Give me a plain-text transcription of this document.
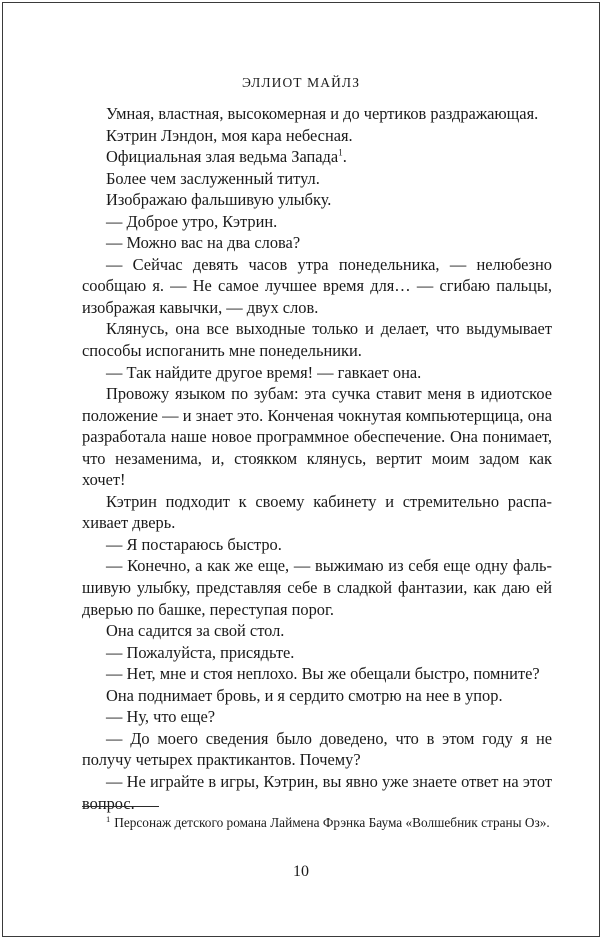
ЭЛЛИОТ МАЙЛЗ

Умная, властная, высокомерная и до чертиков раздражающая.

Кэтрин Лэндон, моя кара небесная.

Официальная злая ведьма Запада$^1$.

Более чем заслуженный титул.

Изображаю фальшивую улыбку.

— Доброе утро, Кэтрин.

— Можно вас на два слова?

— Сейчас девять часов утра понедельника, — нелюбезно сообщаю я. — Не самое лучшее время для… — сгибаю пальцы, изображая кавычки, — двух слов.

Клянусь, она все выходные только и делает, что выдумывает способы испоганить мне понедельники.

— Так найдите другое время! — гавкает она.

Провожу языком по зубам: эта сучка ставит меня в идиотское положение — и знает это. Конченая чокнутая компьютерщица, она разработала наше новое программное обеспечение. Она понимает, что незаменима, и, стоякком клянусь, вертит моим задом как хочет!

Кэтрин подходит к своему кабинету и стремительно распахивает дверь.

— Я постараюсь быстро.

— Конечно, а как же еще, — выжимаю из себя еще одну фальшивую улыбку, представляя себе в сладкой фантазии, как даю ей дверью по башке, переступая порог.

Она садится за свой стол.

— Пожалуйста, присядьте.

— Нет, мне и стоя неплохо. Вы же обещали быстро, помните?

Она поднимает бровь, и я сердито смотрю на нее в упор.

— Ну, что еще?

— До моего сведения было доведено, что в этом году я не получу четырех практикантов. Почему?

— Не играйте в игры, Кэтрин, вы явно уже знаете ответ на этот вопрос.

$^1$ Персонаж детского романа Лаймена Фрэнка Баума «Волшебник страны Оз».

10
